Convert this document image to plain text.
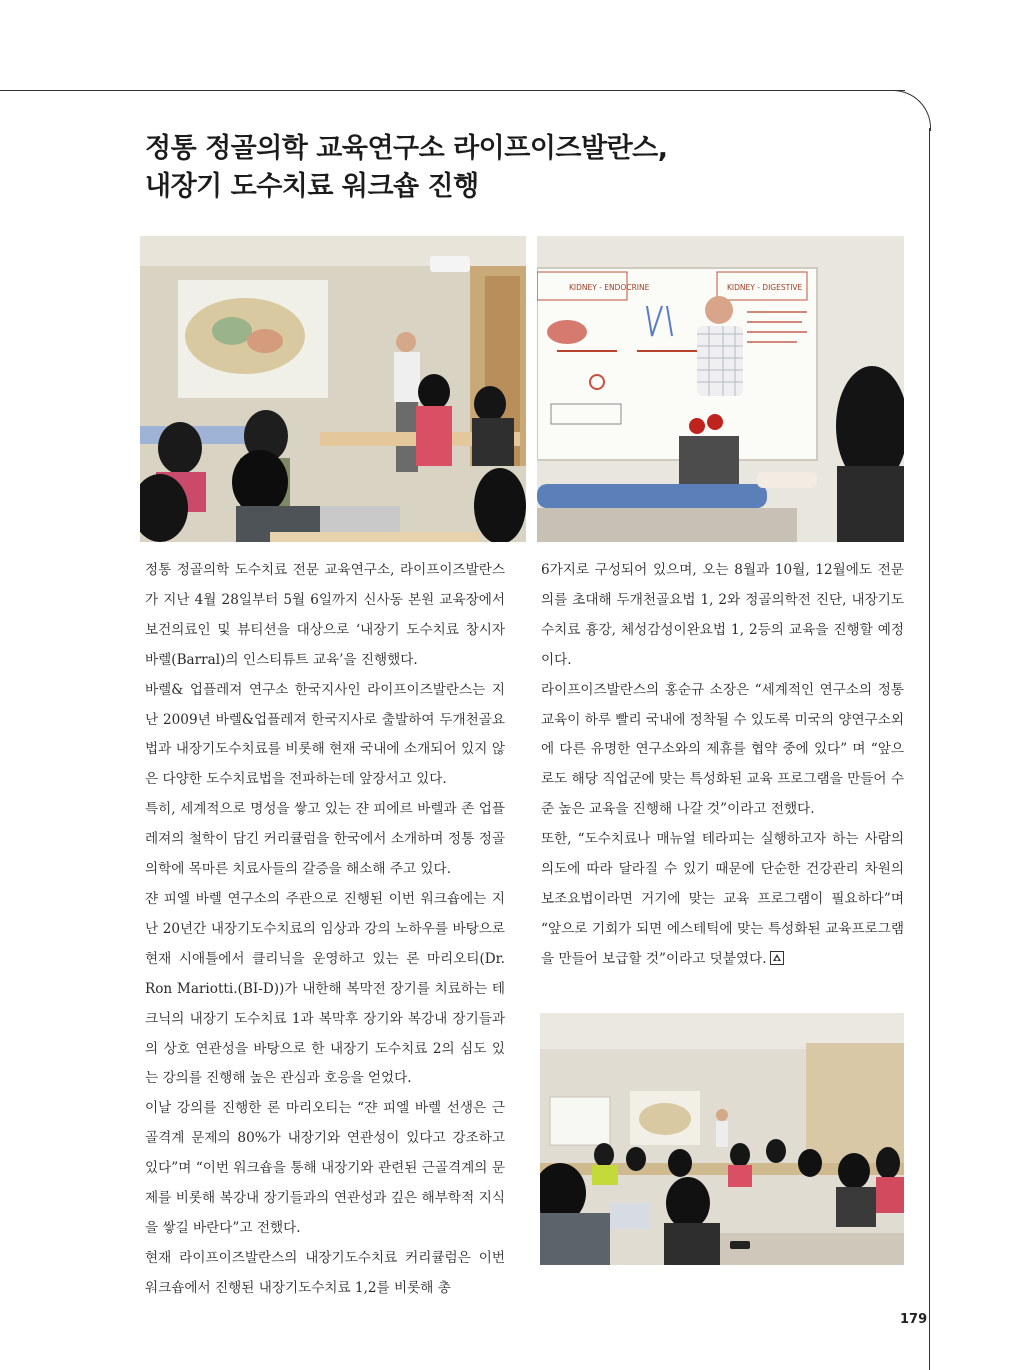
정통 정골의학 교육연구소 라이프이즈발란스,
내장기 도수치료 워크숍 진행
KIDNEY - ENDOCRINE	KIDNEY - DIGESTIVE

정통 정골의학 도수치료 전문 교육연구소, 라이프이즈발란스가 지난 4월 28일부터 5월 6일까지 신사동 본원 교육장에서 보건의료인 및 뷰티션을 대상으로 ‘내장기 도수치료 창시자 바렐(Barral)의 인스티튜트 교육’을 진행했다.

바렐& 업플레져 연구소 한국지사인 라이프이즈발란스는 지난 2009년 바렐&업플레져 한국지사로 출발하여 두개천골요법과 내장기도수치료를 비롯해 현재 국내에 소개되어 있지 않은 다양한 도수치료법을 전파하는데 앞장서고 있다.

특히, 세계적으로 명성을 쌓고 있는 쟌 피에르 바렐과 존 업플레져의 철학이 담긴 커리큘럼을 한국에서 소개하며 정통 정골의학에 목마른 치료사들의 갈증을 해소해 주고 있다.

쟌 피엘 바렐 연구소의 주관으로 진행된 이번 워크숍에는 지난 20년간 내장기도수치료의 임상과 강의 노하우를 바탕으로 현재 시애틀에서 클리닉을 운영하고 있는 론 마리오티(Dr. Ron Mariotti.(BI-D))가 내한해 복막전 장기를 치료하는 테크닉의 내장기 도수치료 1과 복막후 장기와 복강내 장기들과의 상호 연관성을 바탕으로 한 내장기 도수치료 2의 심도 있는 강의를 진행해 높은 관심과 호응을 얻었다.

이날 강의를 진행한 론 마리오티는 “쟌 피엘 바렐 선생은 근골격계 문제의 80%가 내장기와 연관성이 있다고 강조하고 있다”며 “이번 워크숍을 통해 내장기와 관련된 근골격계의 문제를 비롯해 복강내 장기들과의 연관성과 깊은 해부학적 지식을 쌓길 바란다”고 전했다.

현재 라이프이즈발란스의 내장기도수치료 커리큘럼은 이번 워크숍에서 진행된 내장기도수치료 1,2를 비롯해 총

6가지로 구성되어 있으며, 오는 8월과 10월, 12월에도 전문의를 초대해 두개천골요법 1, 2와 정골의학전 진단, 내장기도수치료 흉강, 체성감성이완요법 1, 2등의 교육을 진행할 예정이다.

라이프이즈발란스의 홍순규 소장은 “세계적인 연구소의 정통교육이 하루 빨리 국내에 정착될 수 있도록 미국의 양연구소외에 다른 유명한 연구소와의 제휴를 협약 중에 있다” 며 “앞으로도 해당 직업군에 맞는 특성화된 교육 프로그램을 만들어 수준 높은 교육을 진행해 나갈 것”이라고 전했다.

또한, “도수치료나 매뉴얼 테라피는 실행하고자 하는 사람의 의도에 따라 달라질 수 있기 때문에 단순한 건강관리 차원의 보조요법이라면 거기에 맞는 교육 프로그램이 필요하다”며 “앞으로 기회가 되면 에스테틱에 맞는 특성화된 교육프로그램을 만들어 보급할 것”이라고 덧붙였다.

179
